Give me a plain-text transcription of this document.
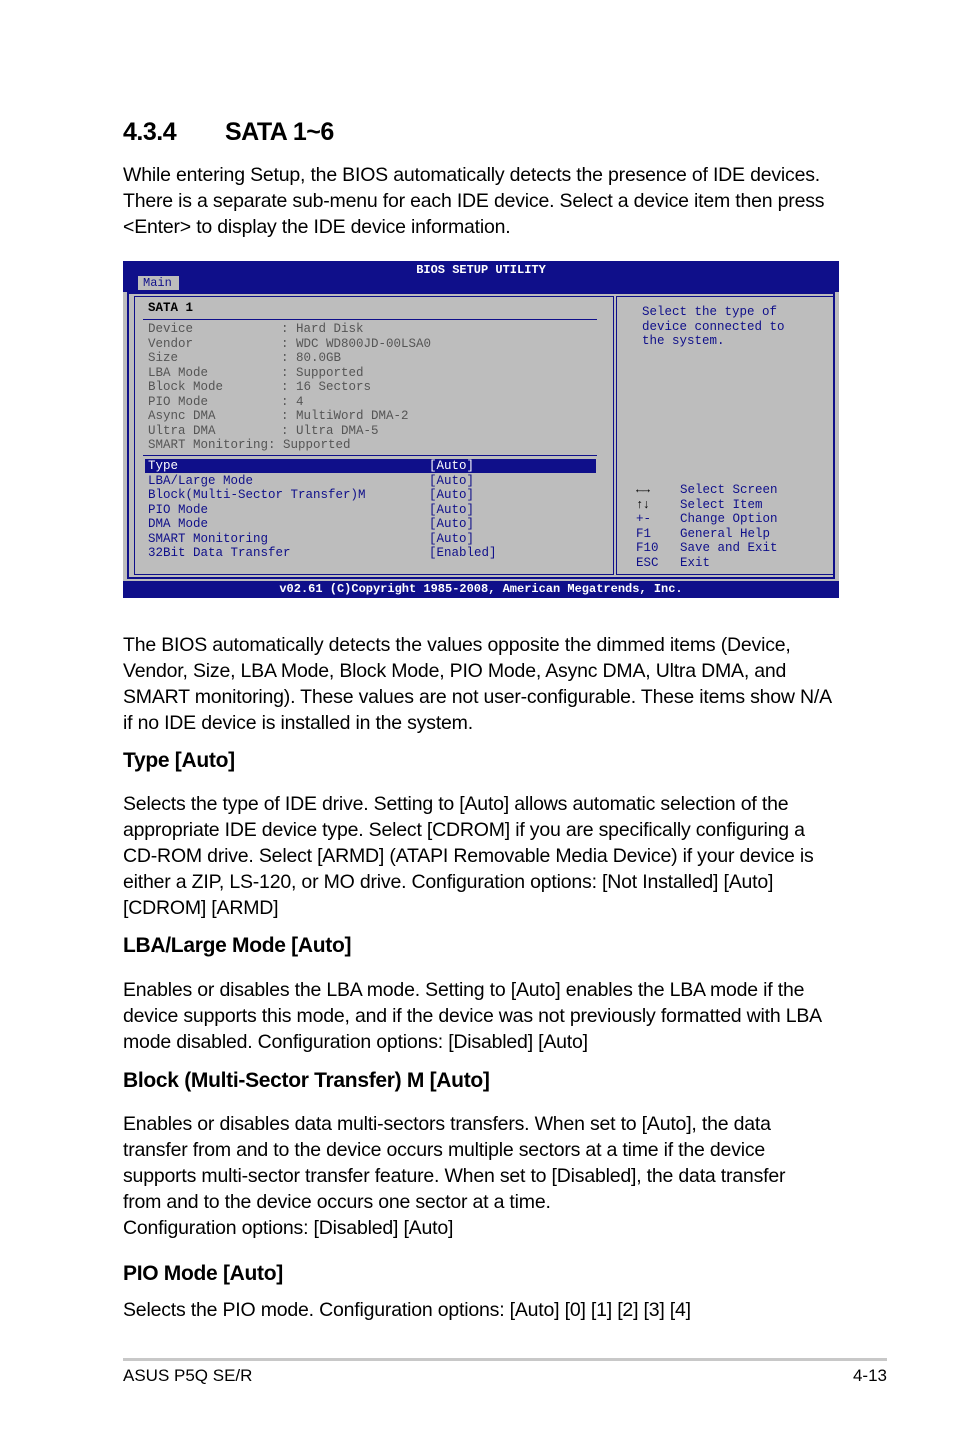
4.3.4 SATA 1~6

While entering Setup, the BIOS automatically detects the presence of IDE devices. There is a separate sub-menu for each IDE device. Select a device item then press <Enter> to display the IDE device information.

BIOS SETUP UTILITY
Main
SATA 1
Device	: Hard Disk
Vendor	: WDC WD800JD-00LSA0
Size	: 80.0GB
LBA Mode	: Supported
Block Mode	: 16 Sectors
PIO Mode	: 4
Async DMA	: MultiWord DMA-2
Ultra DMA	: Ultra DMA-5
SMART Monitoring: Supported
Type	[Auto]
LBA/Large Mode	[Auto]
Block(Multi-Sector Transfer)M	[Auto]
PIO Mode	[Auto]
DMA Mode	[Auto]
SMART Monitoring	[Auto]
32Bit Data Transfer	[Enabled]
Select the type of
device connected to
the system.
←→ Select Screen
↑↓ Select Item
+- Change Option
F1 General Help
F10 Save and Exit
ESC Exit
v02.61 (C)Copyright 1985-2008, American Megatrends, Inc.

The BIOS automatically detects the values opposite the dimmed items (Device, Vendor, Size, LBA Mode, Block Mode, PIO Mode, Async DMA, Ultra DMA, and SMART monitoring). These values are not user-configurable. These items show N/A if no IDE device is installed in the system.

Type [Auto]

Selects the type of IDE drive. Setting to [Auto] allows automatic selection of the appropriate IDE device type. Select [CDROM] if you are specifically configuring a CD-ROM drive. Select [ARMD] (ATAPI Removable Media Device) if your device is either a ZIP, LS-120, or MO drive. Configuration options: [Not Installed] [Auto] [CDROM] [ARMD]

LBA/Large Mode [Auto]

Enables or disables the LBA mode. Setting to [Auto] enables the LBA mode if the device supports this mode, and if the device was not previously formatted with LBA mode disabled. Configuration options: [Disabled] [Auto]

Block (Multi-Sector Transfer) M [Auto]

Enables or disables data multi-sectors transfers. When set to [Auto], the data transfer from and to the device occurs multiple sectors at a time if the device supports multi-sector transfer feature. When set to [Disabled], the data transfer from and to the device occurs one sector at a time.

Configuration options: [Disabled] [Auto]

PIO Mode [Auto]

Selects the PIO mode. Configuration options: [Auto] [0] [1] [2] [3] [4]

ASUS P5Q SE/R	4-13
